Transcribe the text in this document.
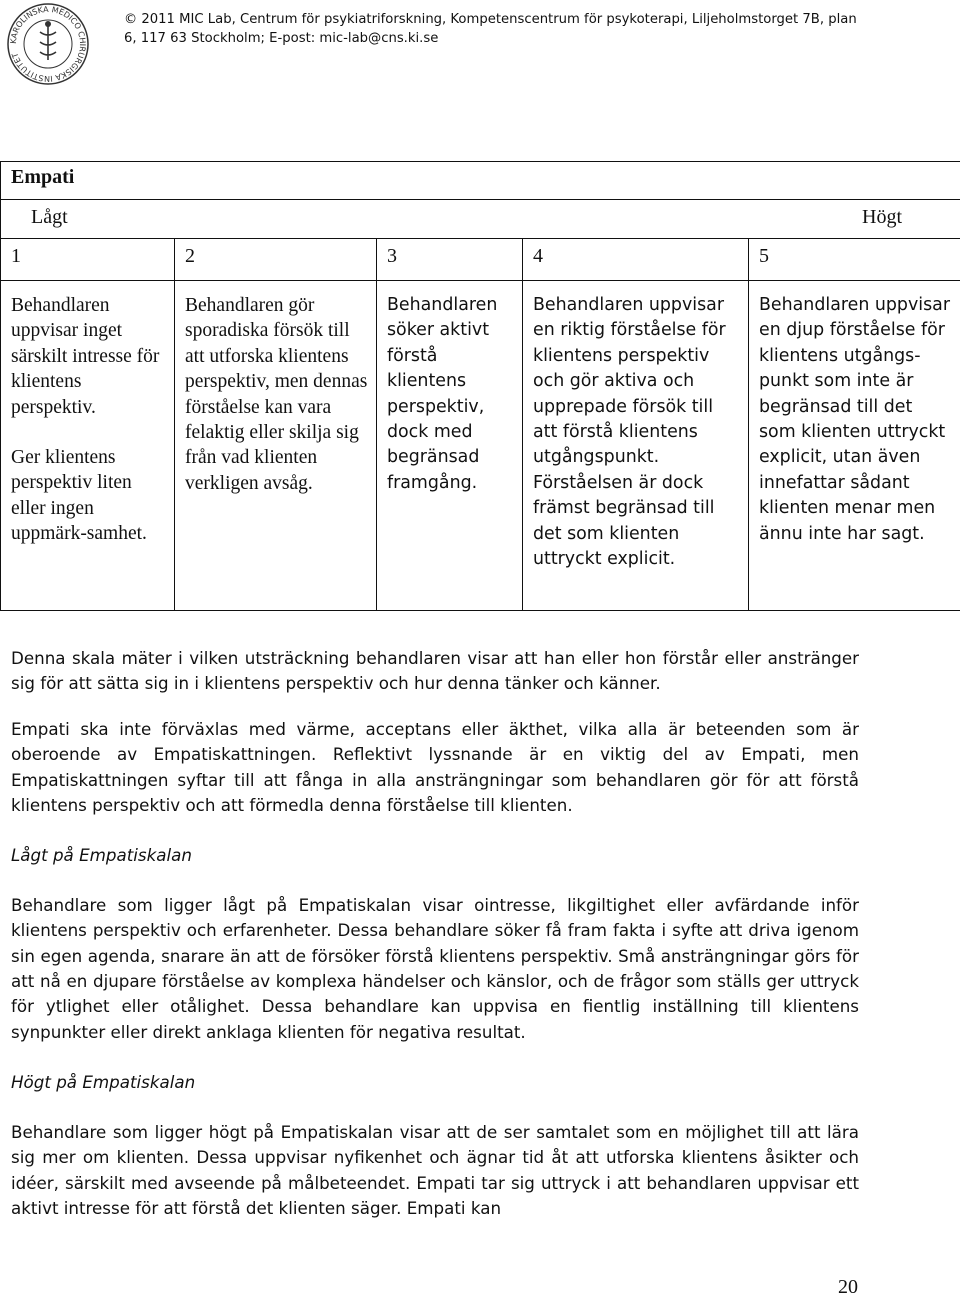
KAROLINSKA MEDICO CHIRURGISKA INSTITUTET
© 2011 MIC Lab, Centrum för psykiatriforskning, Kompetenscentrum för psykoterapi, Liljeholmstorget 7B, plan
6, 117 63 Stockholm; E-post: mic-lab@cns.ki.se
Empati				

Lågt Högt				

1	2	3	4	5

Behandlaren uppvisar inget särskilt intresse för klientens perspektiv.

Ger klientens perspektiv liten eller ingen uppmärk-samhet.	Behandlaren gör sporadiska försök till att utforska klientens perspektiv, men dennas förståelse kan vara felaktig eller skilja sig från vad klienten verkligen avsåg.	Behandlaren söker aktivt förstå klientens perspektiv, dock med begränsad framgång.	Behandlaren uppvisar en riktig förståelse för klientens perspektiv och gör aktiva och upprepade försök till att förstå klientens utgångspunkt. Förståelsen är dock främst begränsad till det som klienten uttryckt explicit.	Behandlaren uppvisar en djup förståelse för klientens utgångs-punkt som inte är begränsad till det som klienten uttryckt explicit, utan även innefattar sådant klienten menar men ännu inte har sagt.

Denna skala mäter i vilken utsträckning behandlaren visar att han eller hon förstår eller anstränger sig för att sätta sig in i klientens perspektiv och hur denna tänker och känner.

Empati ska inte förväxlas med värme, acceptans eller äkthet, vilka alla är beteenden som är oberoende av Empatiskattningen. Reflektivt lyssnande är en viktig del av Empati, men Empatiskattningen syftar till att fånga in alla ansträngningar som behandlaren gör för att förstå klientens perspektiv och att förmedla denna förståelse till klienten.

Lågt på Empatiskalan

Behandlare som ligger lågt på Empatiskalan visar ointresse, likgiltighet eller avfärdande inför klientens perspektiv och erfarenheter. Dessa behandlare söker få fram fakta i syfte att driva igenom sin egen agenda, snarare än att de försöker förstå klientens perspektiv. Små ansträngningar görs för att nå en djupare förståelse av komplexa händelser och känslor, och de frågor som ställs ger uttryck för ytlighet eller otålighet. Dessa behandlare kan uppvisa en fientlig inställning till klientens synpunkter eller direkt anklaga klienten för negativa resultat.

Högt på Empatiskalan

Behandlare som ligger högt på Empatiskalan visar att de ser samtalet som en möjlighet till att lära sig mer om klienten. Dessa uppvisar nyfikenhet och ägnar tid åt att utforska klientens åsikter och idéer, särskilt med avseende på målbeteendet. Empati tar sig uttryck i att behandlaren uppvisar ett aktivt intresse för att förstå det klienten säger. Empati kan

20
